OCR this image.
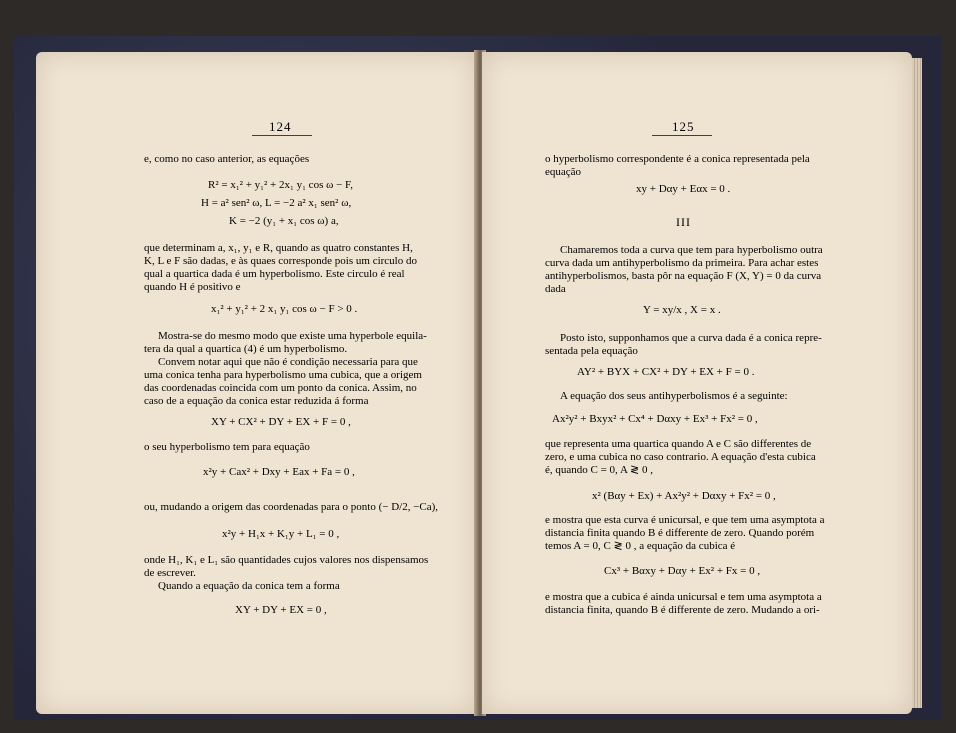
124
e, como no caso anterior, as equações
R² = x₁² + y₁² + 2x₁ y₁ cos ω − F,
H = a² sen² ω, L = −2 a² x₁ sen² ω,
K = −2 (y₁ + x₁ cos ω) a,
que determinam a, x₁, y₁ e R, quando as quatro constantes H,
K, L e F são dadas, e às quaes corresponde pois um circulo do
qual a quartica dada é um hyperbolismo. Este circulo é real
quando H é positivo e
x₁² + y₁² + 2 x₁ y₁ cos ω − F > 0 .
Mostra-se do mesmo modo que existe uma hyperbole equila-
tera da qual a quartica (4) é um hyperbolismo.
Convem notar aqui que não é condição necessaria para que
uma conica tenha para hyperbolismo uma cubica, que a origem
das coordenadas coincida com um ponto da conica. Assim, no
caso de a equação da conica estar reduzida á forma
XY + CX² + DY + EX + F = 0 ,
o seu hyperbolismo tem para equação
x²y + Cax² + Dxy + Eax + Fa = 0 ,
ou, mudando a origem das coordenadas para o ponto (− D/2, −Ca),
x²y + H₁x + K₁y + L₁ = 0 ,
onde H₁, K₁ e L₁ são quantidades cujos valores nos dispensamos
de escrever.
Quando a equação da conica tem a forma
XY + DY + EX = 0 ,
125
o hyperbolismo correspondente é a conica representada pela
equação
xy + Dαy + Eαx = 0 .
III
Chamaremos toda a curva que tem para hyperbolismo outra
curva dada um antihyperbolismo da primeira. Para achar estes
antihyperbolismos, basta pôr na equação F (X, Y) = 0 da curva
dada
Y = xy/x , X = x .
Posto isto, supponhamos que a curva dada é a conica repre-
sentada pela equação
AY² + BYX + CX² + DY + EX + F = 0 .
A equação dos seus antihyperbolismos é a seguinte:
Ax²y² + Bxyx² + Cx⁴ + Dαxy + Ex³ + Fx² = 0 ,
que representa uma quartica quando A e C são differentes de
zero, e uma cubica no caso contrario. A equação d'esta cubica
é, quando C = 0, A ≷ 0 ,
x² (Bαy + Ex) + Ax²y² + Dαxy + Fx² = 0 ,
e mostra que esta curva é unicursal, e que tem uma asymptota a
distancia finita quando B é differente de zero. Quando porém
temos A = 0, C ≷ 0 , a equação da cubica é
Cx³ + Bαxy + Dαy + Ex² + Fx = 0 ,
e mostra que a cubica é ainda unicursal e tem uma asymptota a
distancia finita, quando B é differente de zero. Mudando a ori-
